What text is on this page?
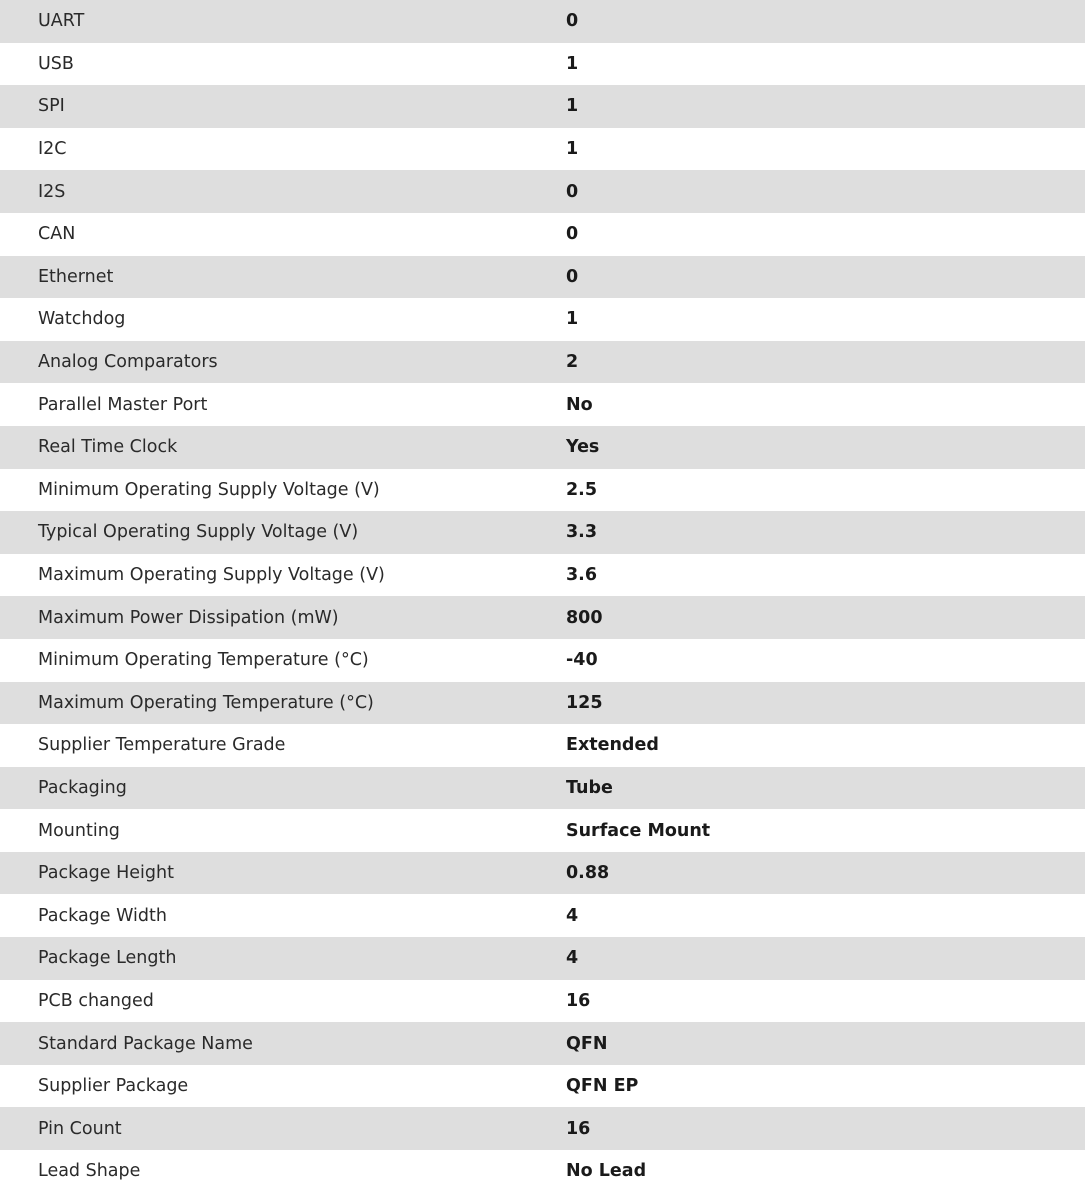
UART	0
USB	1
SPI	1
I2C	1
I2S	0
CAN	0
Ethernet	0
Watchdog	1
Analog Comparators	2
Parallel Master Port	No
Real Time Clock	Yes
Minimum Operating Supply Voltage (V)	2.5
Typical Operating Supply Voltage (V)	3.3
Maximum Operating Supply Voltage (V)	3.6
Maximum Power Dissipation (mW)	800
Minimum Operating Temperature (°C)	-40
Maximum Operating Temperature (°C)	125
Supplier Temperature Grade	Extended
Packaging	Tube
Mounting	Surface Mount
Package Height	0.88
Package Width	4
Package Length	4
PCB changed	16
Standard Package Name	QFN
Supplier Package	QFN EP
Pin Count	16
Lead Shape	No Lead
